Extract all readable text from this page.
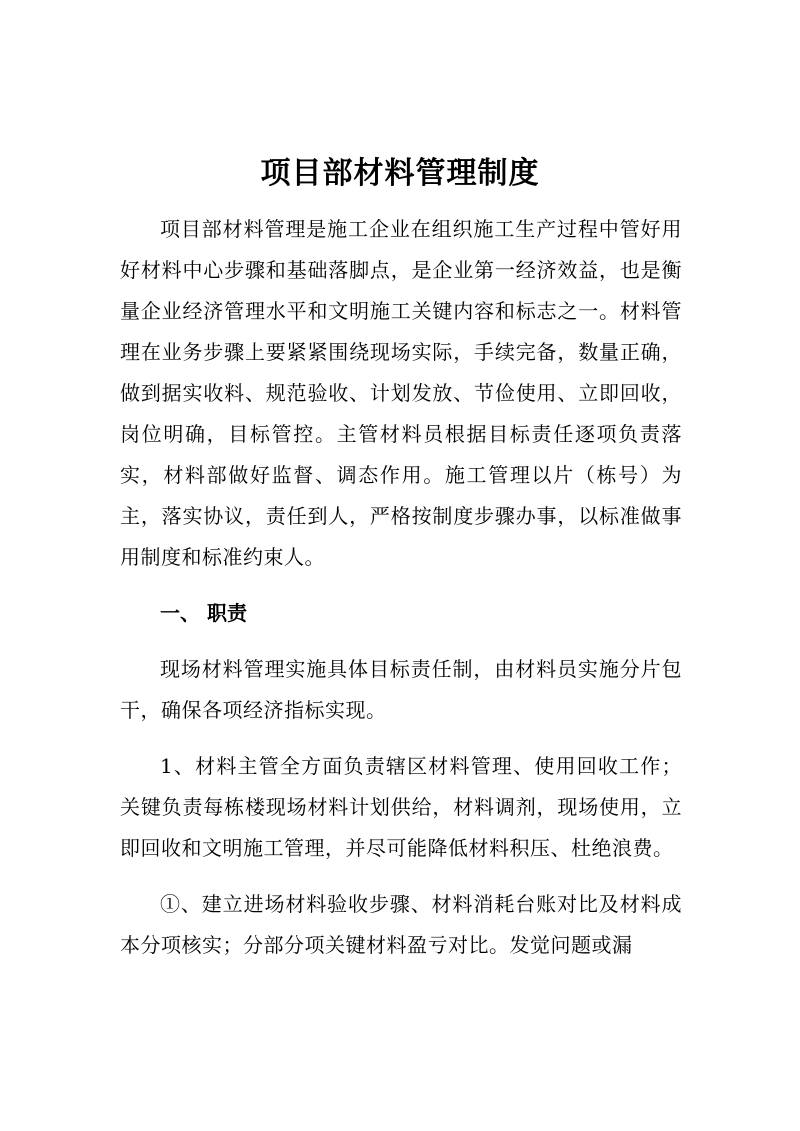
项目部材料管理制度

项目部材料管理是施工企业在组织施工生产过程中管好用好材料中心步骤和基础落脚点，是企业第一经济效益，也是衡量企业经济管理水平和文明施工关键内容和标志之一。材料管理在业务步骤上要紧紧围绕现场实际，手续完备，数量正确，做到据实收料、规范验收、计划发放、节俭使用、立即回收，岗位明确，目标管控。主管材料员根据目标责任逐项负责落实，材料部做好监督、调态作用。施工管理以片（栋号）为主，落实协议，责任到人，严格按制度步骤办事，以标准做事用制度和标准约束人。

一、 职责

现场材料管理实施具体目标责任制，由材料员实施分片包干，确保各项经济指标实现。

1、材料主管全方面负责辖区材料管理、使用回收工作；关键负责每栋楼现场材料计划供给，材料调剂，现场使用，立即回收和文明施工管理，并尽可能降低材料积压、杜绝浪费。

①、建立进场材料验收步骤、材料消耗台账对比及材料成本分项核实；分部分项关键材料盈亏对比。发觉问题或漏
